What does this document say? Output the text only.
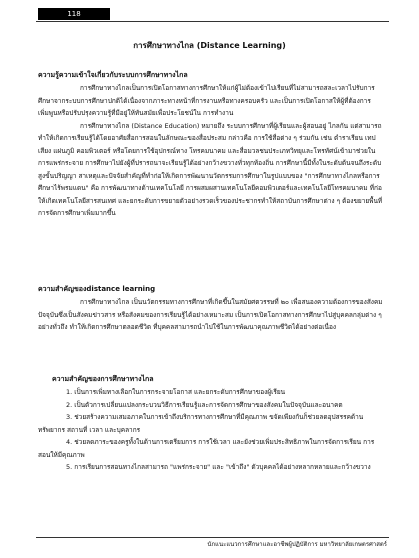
118
การศึกษาทางไกล (Distance Learning)
ความรู้ความเข้าใจเกี่ยวกับระบบการศึกษาทางไกล

การศึกษาทางไกลเป็นการเปิดโอกาสทางการศึกษาให้แก่ผู้ไม่ต้องเข้าไปเรียนที่ไม่สามารถสละเวลาไปรับการศึกษาจากระบบการศึกษาปกติได้เนื่องจากภาระทางหน้าที่การงานหรือทางครอบครัว และเป็นการเปิดโอกาสให้ผู้ที่ต้องการเพิ่มพูนหรือปรับปรุงความรู้ที่มีอยู่ให้ทันสมัยเพื่อประโยชน์ใน การทำงาน

การศึกษาทางไกล (Distance Education) หมายถึง ระบบการศึกษาที่ผู้เรียนและผู้สอนอยู่ ไกลกัน แต่สามารถทำให้เกิดการเรียนรู้ได้โดยอาศัยสื่อการสอนในลักษณะของสื่อประสม กล่าวคือ การใช้สื่อต่าง ๆ ร่วมกัน เช่น ตำราเรียน เทปเสียง แผ่นภูมิ คอมพิวเตอร์ หรือโดยการใช้อุปกรณ์ทาง โทรคมนาคม และสื่อมวลชนประเภทวิทยุและโทรทัศน์เข้ามาช่วยในการแพร่กระจาย การศึกษาไปยังผู้ที่ปรารถนาจะเรียนรู้ได้อย่างกว้างขวางทั่วทุกท้องถิ่น การศึกษานี้มีทั้งในระดับต้นจนถึงระดับสูงขั้นปริญญา สาเหตุและปัจจัยสำคัญที่ทำก่อให้เกิดการพัฒนานวัตกรรมการศึกษาในรูปแบบของ "การศึกษาทางไกลหรือการศึกษาไร้พรมแดน" คือ การพัฒนาทางด้านเทคโนโลยี การผสมผสานเทคโนโลยีคอมพิวเตอร์และเทคโนโลยีโทรคมนาคม ที่ก่อให้เกิดเทคโนโลยีสารสนเทศ และยกระดับการขยายตัวอย่างรวดเร็วของประชากรทำให้สถาบันการศึกษาต่าง ๆ ต้องขยายพื้นที่การจัดการศึกษาเพิ่มมากขึ้น

ความสำคัญของdistance learning

การศึกษาทางไกล เป็นนวัตกรรมทางการศึกษาที่เกิดขึ้นในสมัยศตวรรษที่ ๒๐ เพื่อสนองความต้องการของสังคมปัจจุบันซึ่งเป็นสังคมข่าวสาร หรือสังคมของการเรียนรู้ได้อย่างเหมาะสม เป็นการเปิดโอกาสทางการศึกษาไปสู่บุคคลกลุ่มต่าง ๆ อย่างทั่วถึง ทำให้เกิดการศึกษาตลอดชีวิต ที่บุคคลสามารถนำไปใช้ในการพัฒนาคุณภาพชีวิตได้อย่างต่อเนื่อง

ความสำคัญของการศึกษาทางไกล
1. เป็นการเพิ่มทางเลือกในการกระจายโอกาส และยกระดับการศึกษาของผู้เรียน
2. เป็นตัวการเปลี่ยนแปลงกระบวนวิธีการเรียนรู้และการจัดการศึกษาของสังคมในปัจจุบันและอนาคต
3. ช่วยสร้างความเสมอภาคในการเข้าถึงบริการทางการศึกษาที่มีคุณภาพ ขจัดเพียงกันก็ช่วยลดอุปสรรคด้านทรัพยากร สถานที่ เวลา และบุคลากร
4. ช่วยลดภาระของครูทั้งในด้านการเตรียมการ การใช้เวลา และยังช่วยเพิ่มประสิทธิภาพในการจัดการเรียน การสอนให้มีคุณภาพ
5. การเรียนการสอนทางไกลสามารถ "แพร่กระจาย" และ "เข้าถึง" ตัวบุคคลได้อย่างหลากหลายและกว้างขวาง
นักแนะแนวการศึกษาและอาชีพผู้ปฏิบัติการ มหาวิทยาลัยเกษตรศาสตร์
